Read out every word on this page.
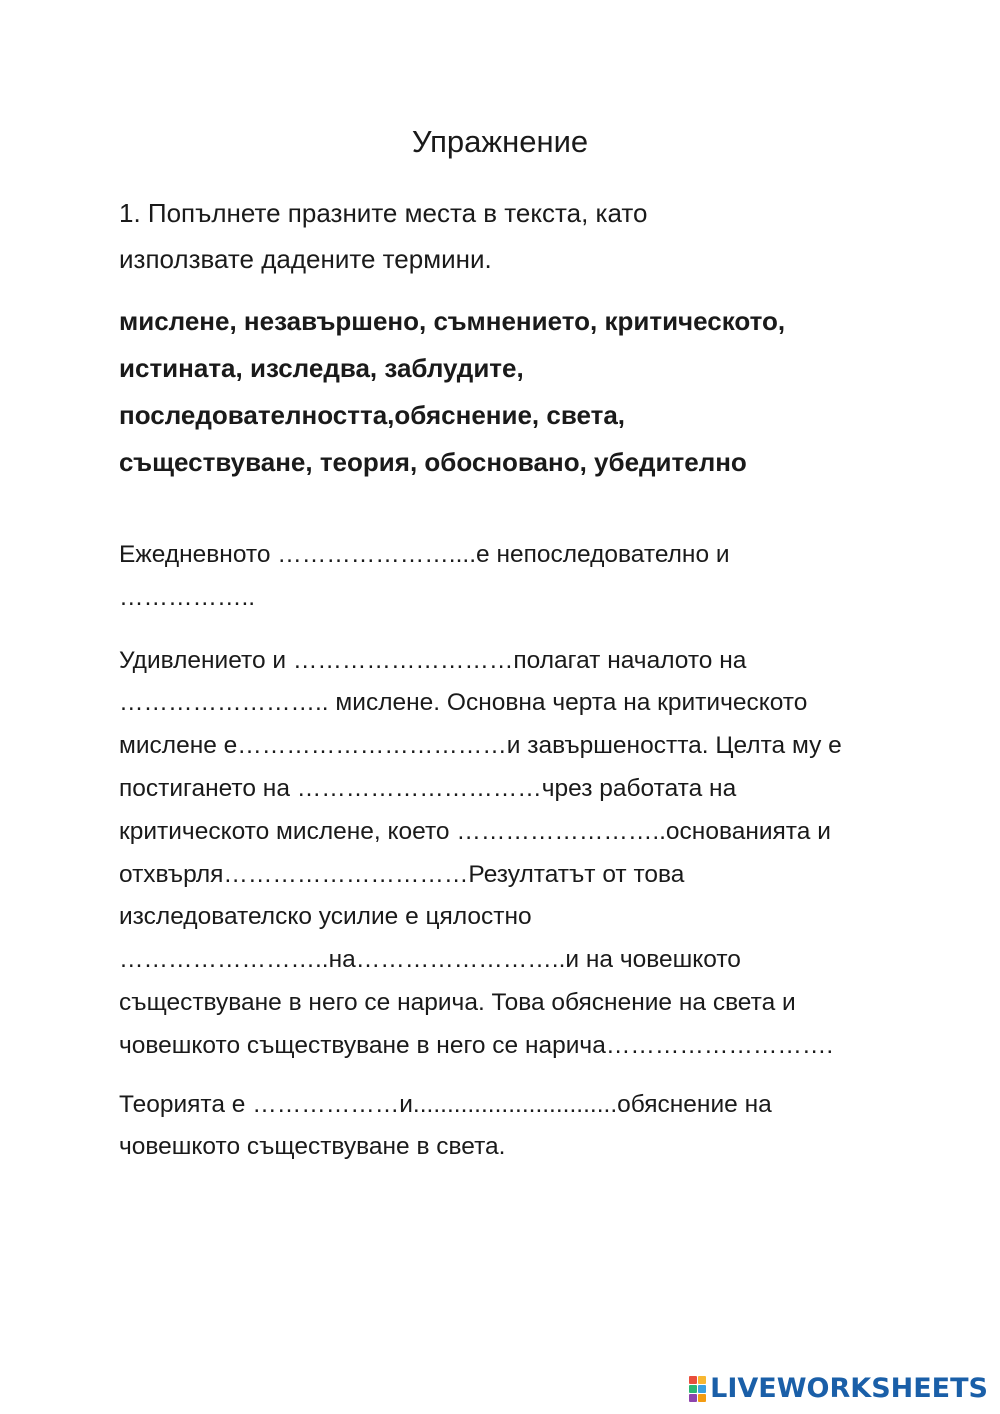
Упражнение

1. Попълнете празните места в текста, като
използвате дадените термини.

мислене, незавършено, съмнението, критическото,
истината, изследва, заблудите,
последователността,обяснение, света,
съществуване, теория, обосновано, убедително

Ежедневното …………………....е непоследователно и
……………..

Удивлението и ………………………полагат началото на
…………………….. мислене. Основна черта на критическото
мислене е……………………………и завършеността. Целта му е
постигането на …………………………чрез работата на
критическото мислене, което ……………………..основанията и
отхвърля…………………………Резултатът от това
изследователско усилие е цялостно
……………………..на……………………..и на човешкото
съществуване в него се нарича. Това обяснение на света и
човешкото съществуване в него се нарича……………………….

Теорията е ………………и..............................обяснение на
човешкото съществуване в света.

LIVEWORKSHEETS
